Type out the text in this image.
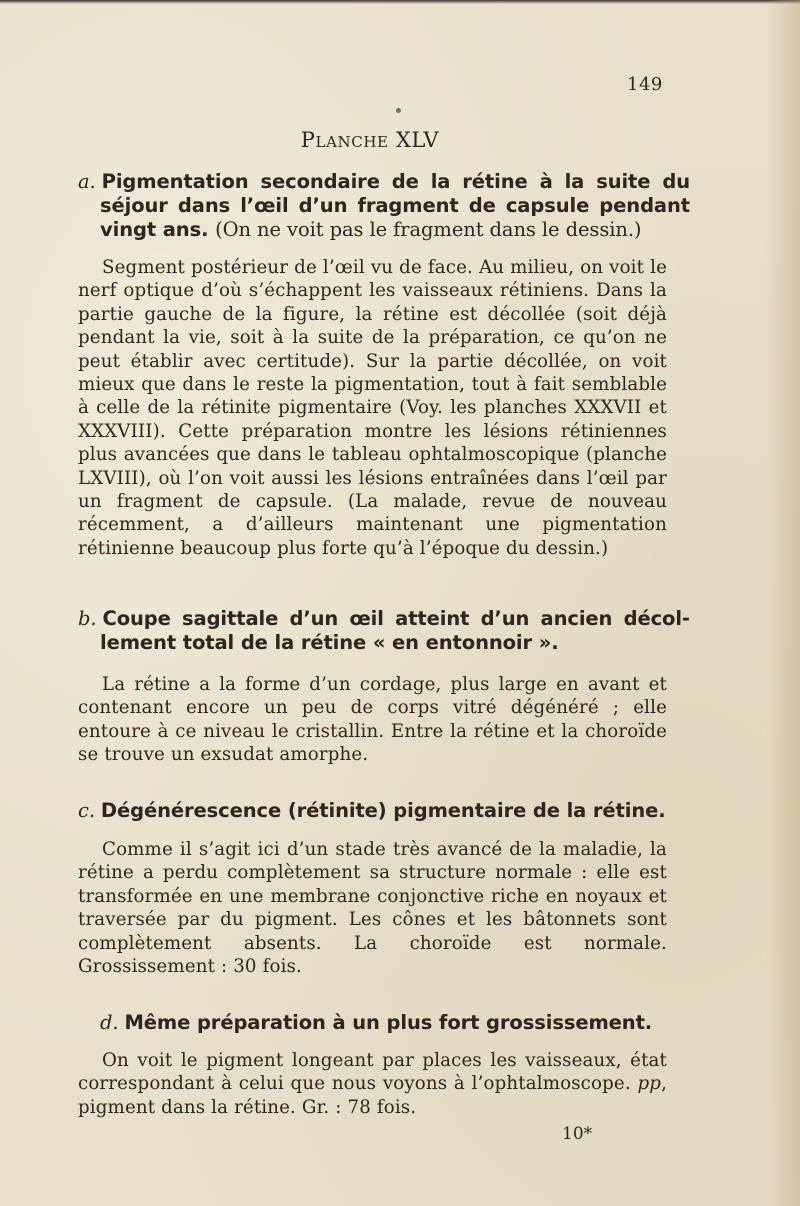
149
Planche XLV
a. Pigmentation secondaire de la rétine à la suite du séjour dans l’œil d’un fragment de capsule pendant vingt ans. (On ne voit pas le fragment dans le dessin.)
Segment postérieur de l’œil vu de face. Au milieu, on voit le nerf optique d’où s’échappent les vaisseaux rétiniens. Dans la partie gauche de la figure, la rétine est décollée (soit déjà pendant la vie, soit à la suite de la préparation, ce qu’on ne peut établir avec certitude). Sur la partie décollée, on voit mieux que dans le reste la pigmentation, tout à fait semblable à celle de la rétinite pigmentaire (Voy. les planches XXXVII et XXXVIII). Cette préparation montre les lésions rétiniennes plus avancées que dans le tableau ophtalmoscopique (planche LXVIII), où l’on voit aussi les lésions entraînées dans l’œil par un fragment de capsule. (La malade, revue de nouveau récemment, a d’ailleurs maintenant une pigmentation rétinienne beaucoup plus forte qu’à l’époque du dessin.)
b. Coupe sagittale d’un œil atteint d’un ancien décollement total de la rétine « en entonnoir ».
La rétine a la forme d’un cordage, plus large en avant et contenant encore un peu de corps vitré dégénéré ; elle entoure à ce niveau le cristallin. Entre la rétine et la choroïde se trouve un exsudat amorphe.
c. Dégénérescence (rétinite) pigmentaire de la rétine.
Comme il s’agit ici d’un stade très avancé de la maladie, la rétine a perdu complètement sa structure normale : elle est transformée en une membrane conjonctive riche en noyaux et traversée par du pigment. Les cônes et les bâtonnets sont complètement absents. La choroïde est normale. Grossissement : 30 fois.
d. Même préparation à un plus fort grossissement.
On voit le pigment longeant par places les vaisseaux, état correspondant à celui que nous voyons à l’ophtalmoscope. pp, pigment dans la rétine. Gr. : 78 fois.
10*
